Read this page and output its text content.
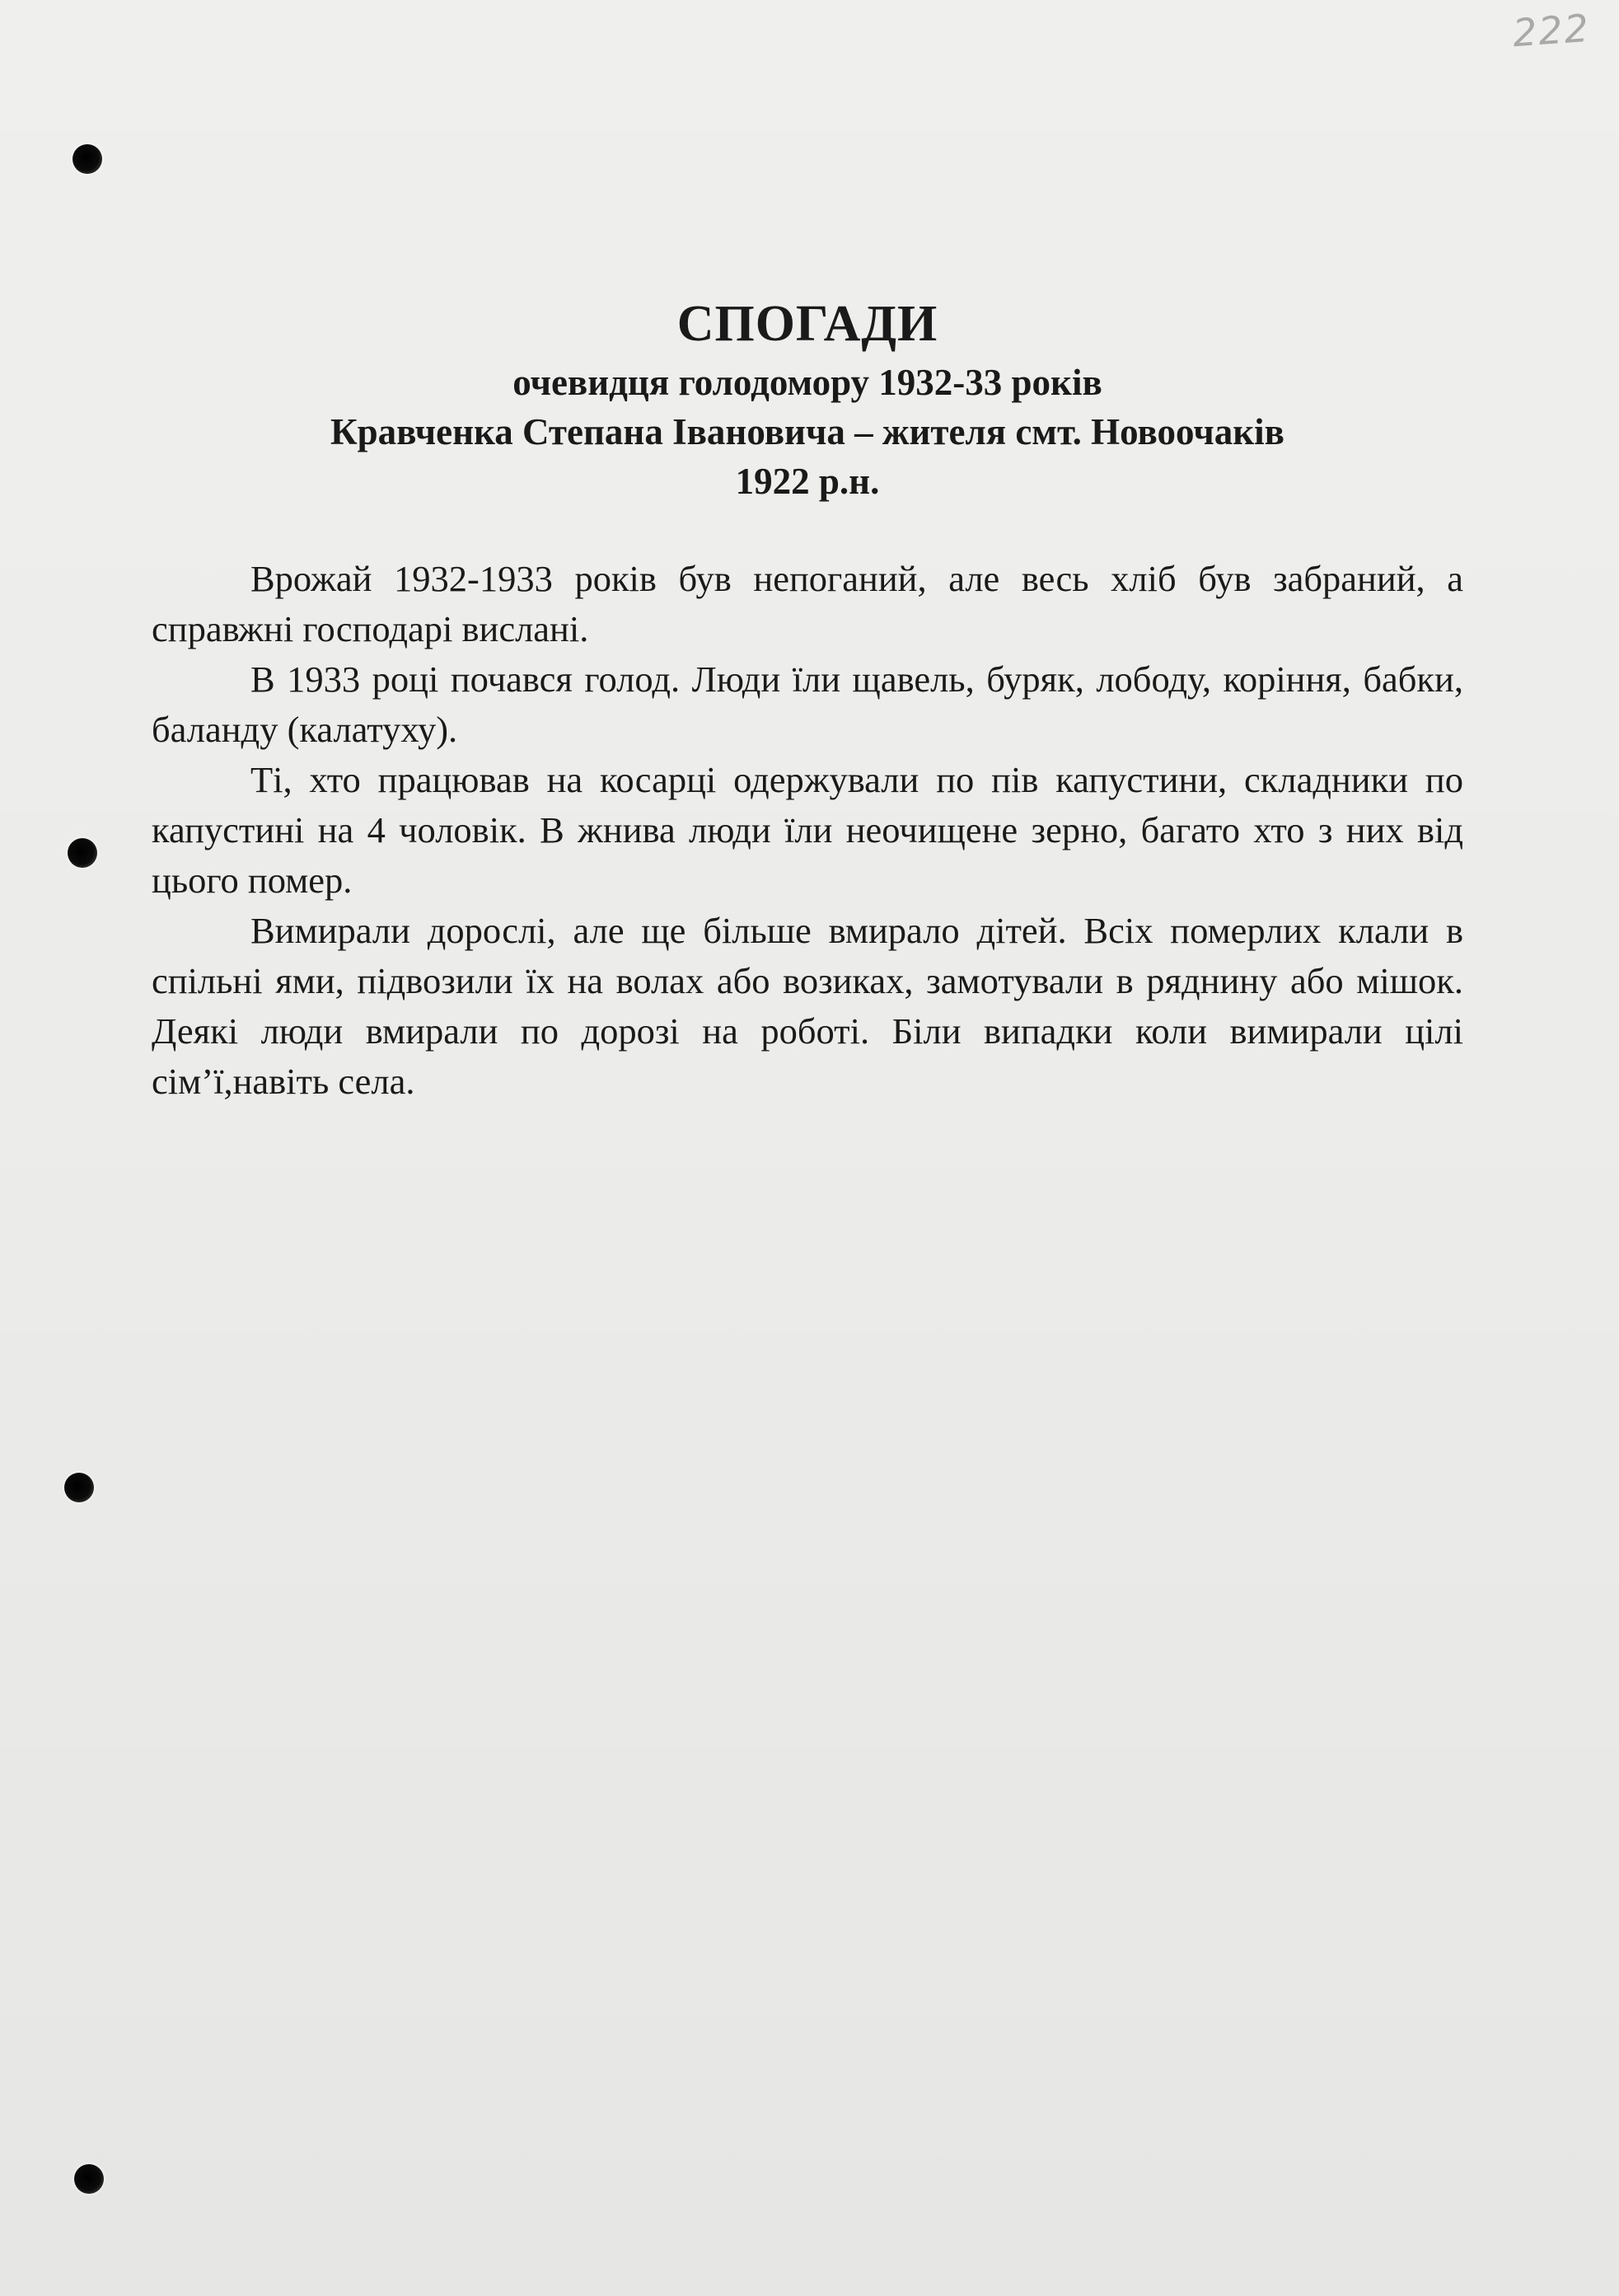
222
СПОГАДИ
очевидця голодомору 1932-33 років
Кравченка Степана Івановича – жителя смт. Новоочаків
1922 р.н.

Врожай 1932-1933 років був непоганий, але весь хліб був забраний, а справжні господарі вислані.

В 1933 році почався голод. Люди їли щавель, буряк, лободу, коріння, бабки, баланду (калатуху).

Ті, хто працював на косарці одержували по пів капустини, складники по капустині на 4 чоловік. В жнива люди їли неочищене зерно, багато хто з них від цього помер.

Вимирали дорослі, але ще більше вмирало дітей. Всіх померлих клали в спільні ями, підвозили їх на волах або возиках, замотували в ряднину або мішок. Деякі люди вмирали по дорозі на роботі. Біли випадки коли вимирали цілі сім’ї,навіть села.
